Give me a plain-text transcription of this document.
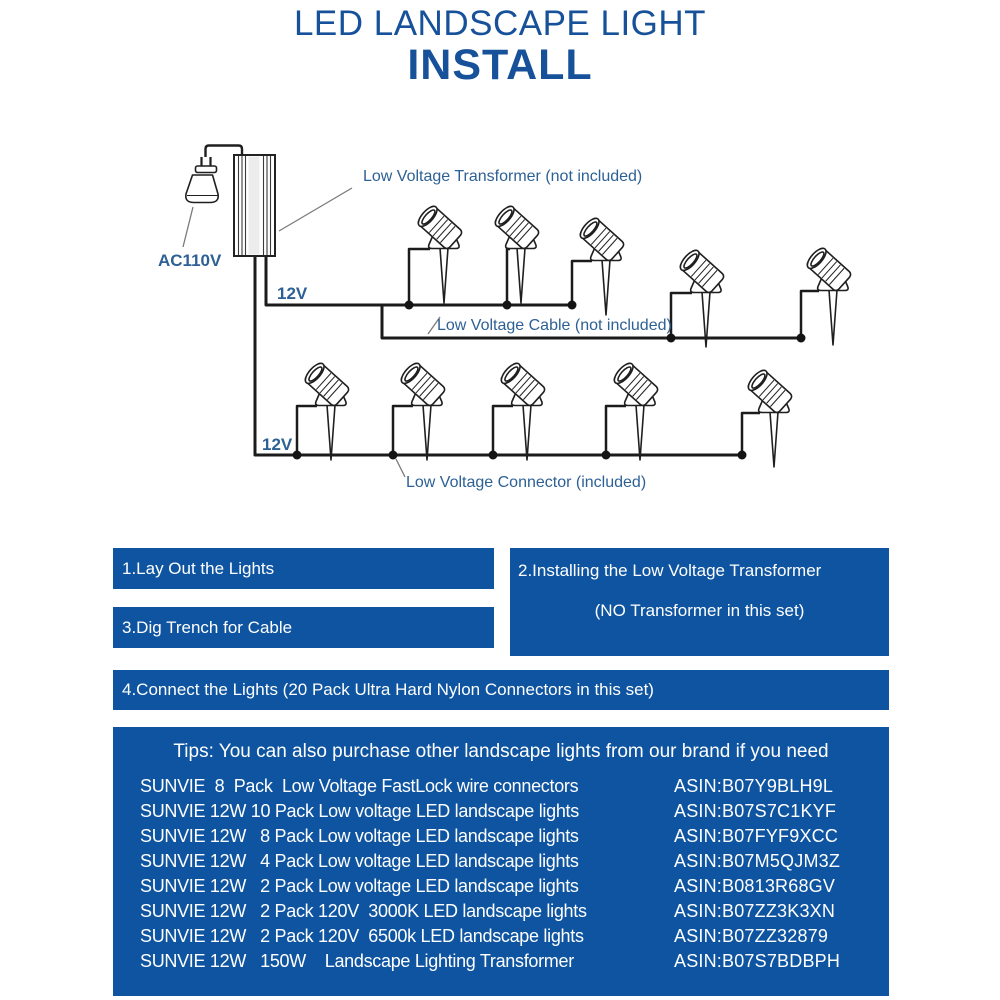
LED LANDSCAPE LIGHT
INSTALL
Low Voltage Transformer (not included)
AC110V
12V
12V
Low Voltage Cable (not included)
Low Voltage Connector (included)
1.Lay Out the Lights	2.Installing the Low Voltage Transformer
(NO Transformer in this set)
3.Dig Trench for Cable
4.Connect the Lights (20 Pack Ultra Hard Nylon Connectors in this set)
Tips: You can also purchase other landscape lights from our brand if you need
SUNVIE  8  Pack  Low Voltage FastLock wire connectors	ASIN:B07Y9BLH9L
SUNVIE 12W 10 Pack Low voltage LED landscape lights	ASIN:B07S7C1KYF
SUNVIE 12W   8 Pack Low voltage LED landscape lights	ASIN:B07FYF9XCC
SUNVIE 12W   4 Pack Low voltage LED landscape lights	ASIN:B07M5QJM3Z
SUNVIE 12W   2 Pack Low voltage LED landscape lights	ASIN:B0813R68GV
SUNVIE 12W   2 Pack 120V  3000K LED landscape lights	ASIN:B07ZZ3K3XN
SUNVIE 12W   2 Pack 120V  6500k LED landscape lights	ASIN:B07ZZ32879
SUNVIE 12W   150W    Landscape Lighting Transformer	ASIN:B07S7BDBPH
